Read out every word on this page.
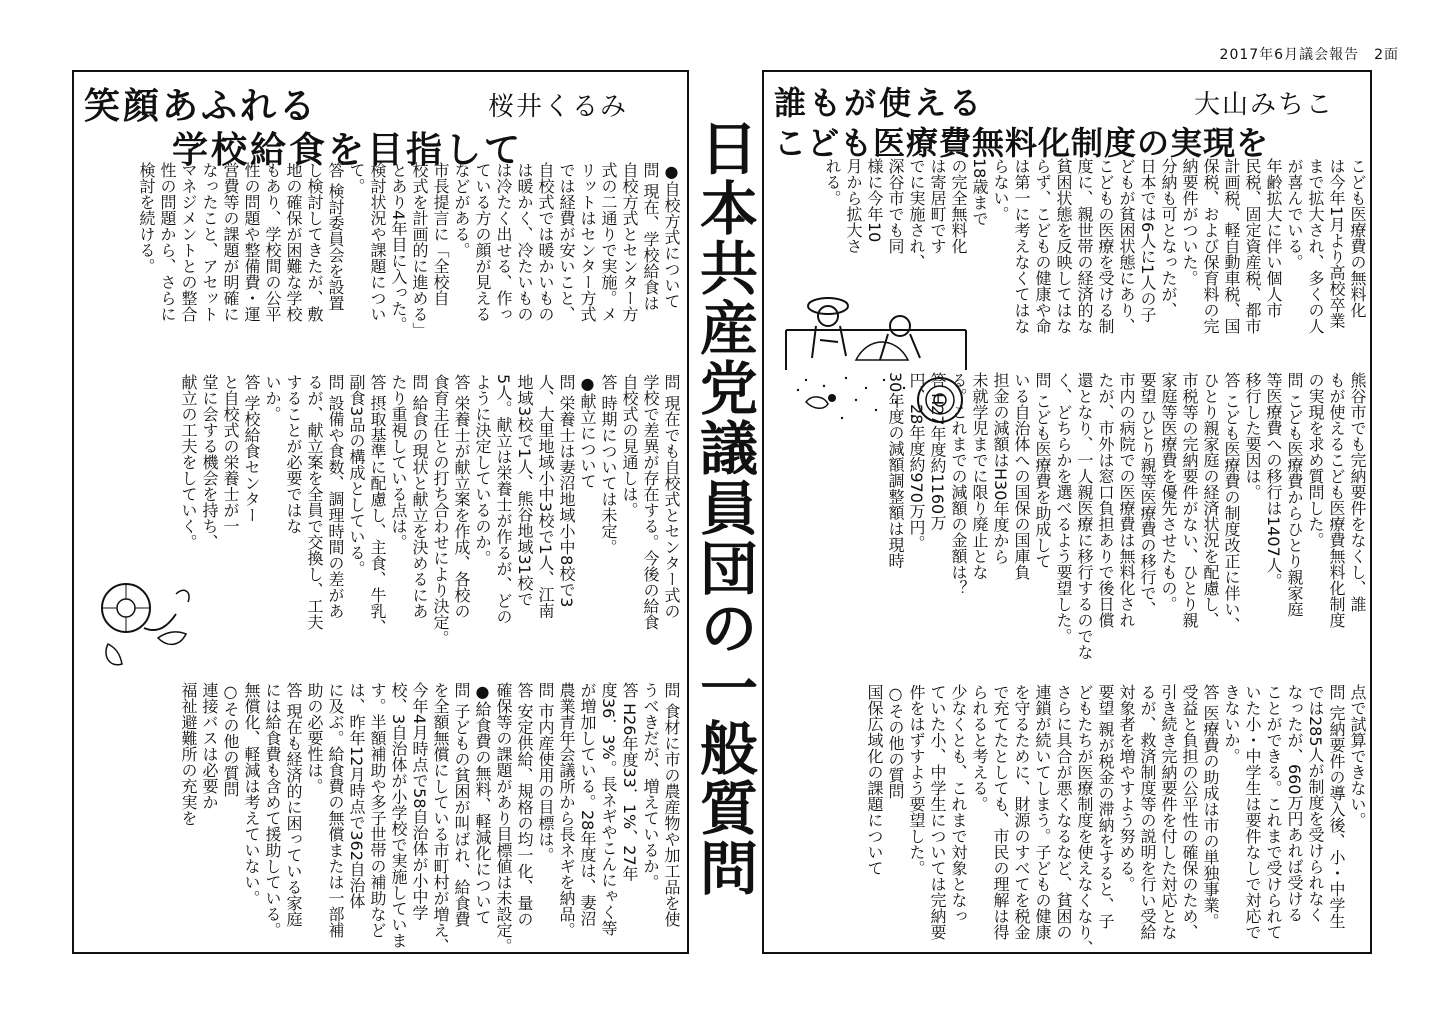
2017年6月議会報告　2面
笑顔あふれる	桜井くるみ
学校給食を目指して
●自校方式について
問 現在、学校給食は
自校方式とセンター方
式の二通りで実施。メ
リットはセンター方式
では経費が安いこと、
自校式では暖かいもの
は暖かく、冷たいもの
は冷たく出せる、作っ
ている方の顔が見える
などがある。
市長提言に「全校自
校式を計画的に進める」
とあり4年目に入った。
検討状況や課題につい
て。
答 検討委員会を設置
し検討してきたが、敷
地の確保が困難な学校
もあり、学校間の公平
性の問題や整備費・運
営費等の課題が明確に
なったこと、アセット
マネジメントとの整合
性の問題から、さらに
検討を続ける。
問 現在でも自校式とセンター式の
学校で差異が存在する。今後の給食
自校式の見通しは。
答 時期については未定。
●献立について
問 栄養士は妻沼地域小中8校で3
人、大里地域小中3校で1人、江南
地域3校で1人、熊谷地域31校で
5人。献立は栄養士が作るが、どの
ように決定しているのか。
答 栄養士が献立案を作成、各校の
食育主任との打ち合わせにより決定。
問 給食の現状と献立を決めるにあ
たり重視している点は。
答 摂取基準に配慮し、主食、牛乳、
副食3品の構成としている。
問 設備や食数、調理時間の差があ
るが、献立案を全員で交換し、工夫
することが必要ではな
いか。
答 学校給食センター
と自校式の栄養士が一
堂に会する機会を持ち、
献立の工夫をしていく。
問 食材に市の農産物や加工品を使
うべきだが、増えているか。
答 H26年度33．1%、27年
度36．3%。長ネギやこんにゃく等
が増加している。28年度は、妻沼
農業青年会議所から長ネギを納品。
問 市内産使用の目標は。
答 安定供給、規格の均一化、量の
確保等の課題があり目標値は未設定。
●給食費の無料、軽減化について
問 子どもの貧困が叫ばれ、給食費
を全額無償にしている市町村が増え、
今年4月時点で58自治体が小中学
校、3自治体が小学校で実施していま
す。半額補助や多子世帯の補助など
は、昨年12月時点で362自治体
に及ぶ。給食費の無償または一部補
助の必要性は。
答 現在も経済的に困っている家庭
には給食費も含めて援助している。
無償化、軽減は考えていない。
○その他の質問
連接バスは必要か
福祉避難所の充実を	日本共産党議員団の一般質問
誰もが使える	大山みちこ
こども医療費無料化制度の実現を
こども医療費の無料化
は今年1月より高校卒業
まで拡大され、多くの人
が喜んでいる。
年齢拡大に伴い個人市
民税、固定資産税、都市
計画税、軽自動車税、国
保税、および保育料の完
納要件がついた。
分納も可となったが、
日本では6人に1人の子
どもが貧困状態にあり、
こどもの医療を受ける制
度に、親世帯の経済的な
貧困状態を反映してはな
らず、こどもの健康や命
は第一に考えなくてはな
らない。
18歳まで
の完全無料化
は寄居町です
でに実施され、
深谷市でも同
様に今年10
月から拡大さ
れる。
熊谷市でも完納要件をなくし、誰
もが使えるこども医療費無料化制度
の実現を求め質問した。
問 こども医療費からひとり親家庭
等医療費への移行は1407人。
移行した要因は。
答 こども医療費の制度改正に伴い、
ひとり親家庭の経済状況を配慮し、
市税等の完納要件がない、ひとり親
家庭等医療費を優先させたもの。
要望 ひとり親等医療費の移行で、
市内の病院での医療費は無料化され
たが、市外は窓口負担ありで後日償
還となり、一人親医療に移行するのでな
く、どちらかを選べるよう要望した。
問 こども医療費を助成して
いる自治体への国保の国庫負
担金の減額はH30年度から
未就学児までに限り廃止とな
る。これまでの減額の金額は？
答 H27年度約1160万
円、28年度約970万円。
30年度の減額調整額は現時
点で試算できない。
問 完納要件の導入後、小・中学生
では285人が制度を受けられなく
なったが、660万円あれば受ける
ことができる。これまで受けられて
いた小・中学生は要件なしで対応で
きないか。
答 医療費の助成は市の単独事業。
受益と負担の公平性の確保のため、
引き続き完納要件を付した対応とな
るが、救済制度等の説明を行い受給
対象者を増やすよう努める。
要望 親が税金の滞納をすると、子
どもたちが医療制度を使えなくなり、
さらに具合が悪くなるなど、貧困の
連鎖が続いてしまう。子どもの健康
を守るために、財源のすべてを税金
で充てたとしても、市民の理解は得
られると考える。
少なくとも、これまで対象となっ
ていた小、中学生については完納要
件をはずすよう要望した。
○その他の質問
国保広域化の課題について
